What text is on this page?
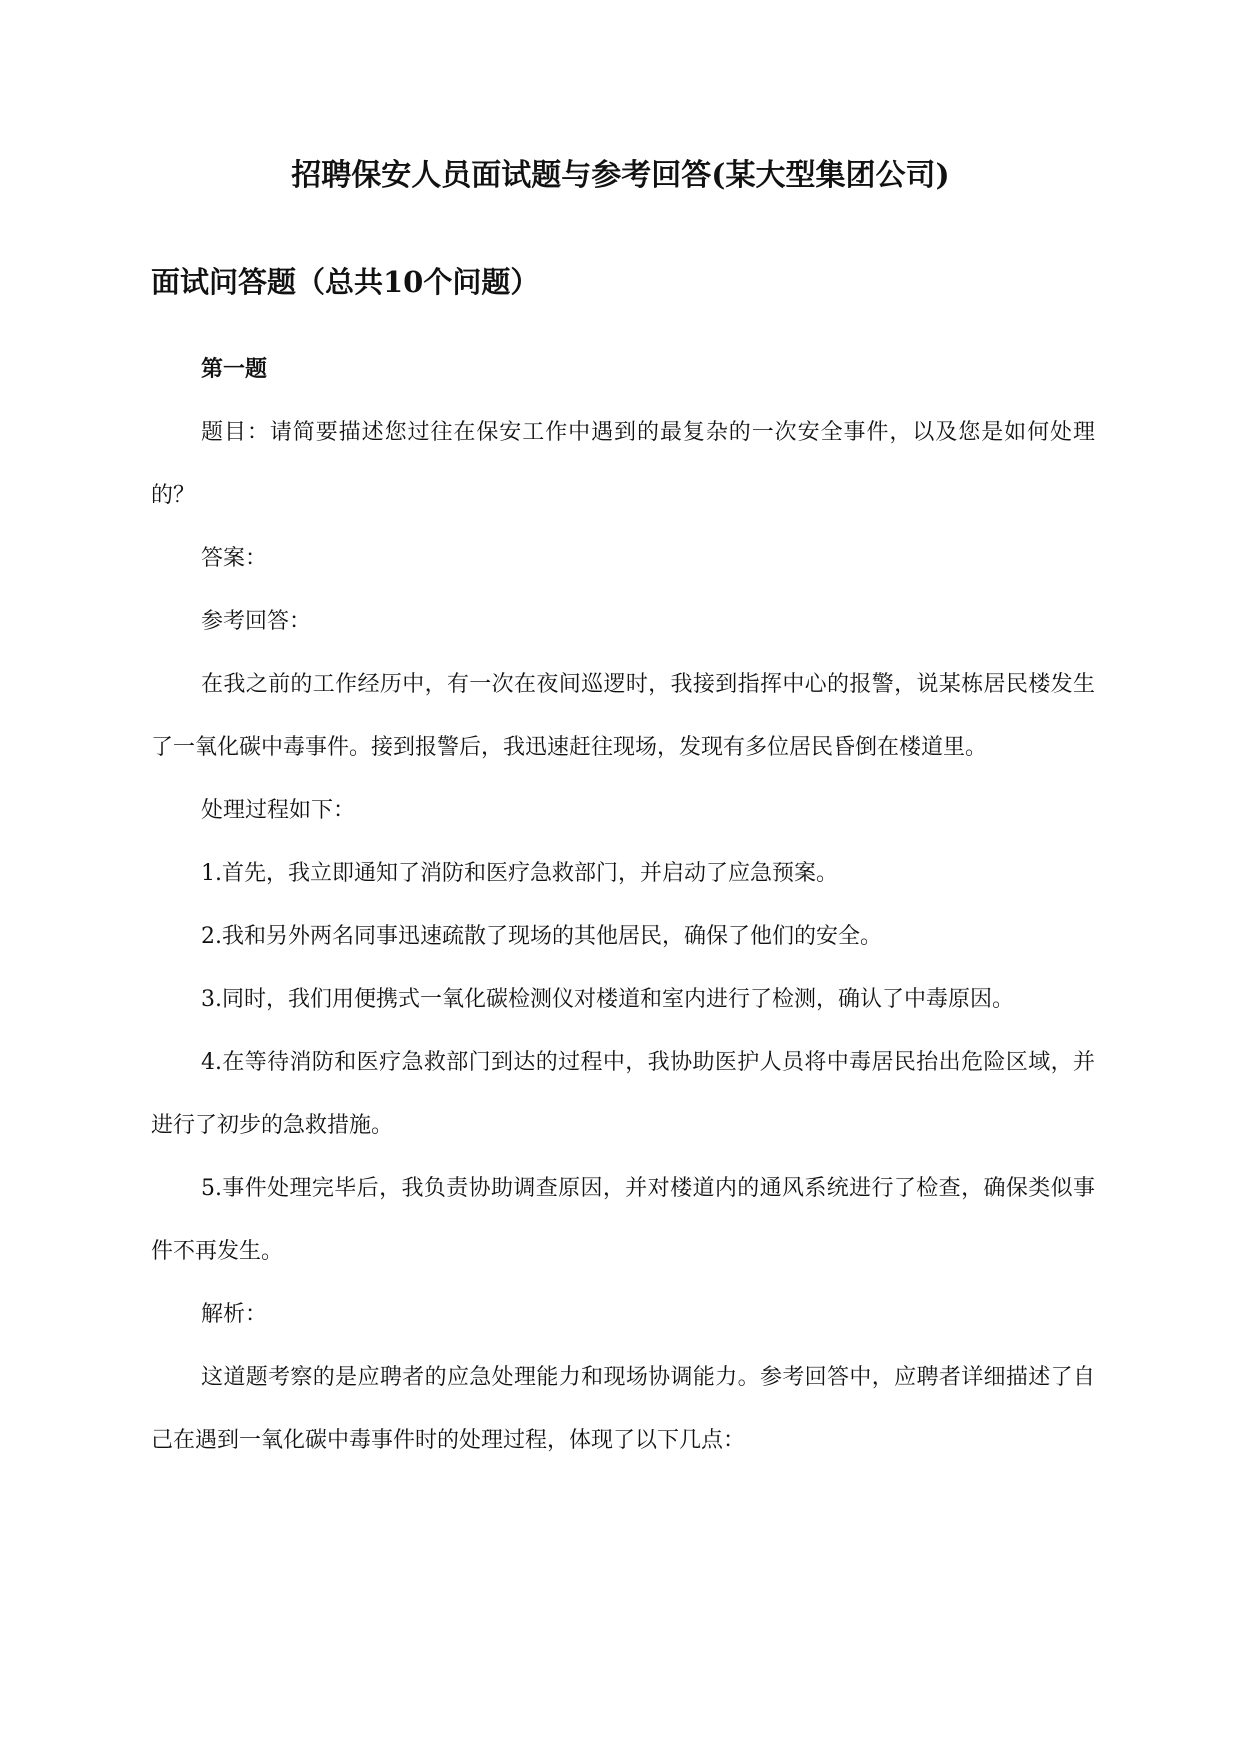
招聘保安人员面试题与参考回答(某大型集团公司)
面试问答题（总共10个问题）

第一题

题目：请简要描述您过往在保安工作中遇到的最复杂的一次安全事件，以及您是如何处理的？

答案：

参考回答：

在我之前的工作经历中，有一次在夜间巡逻时，我接到指挥中心的报警，说某栋居民楼发生了一氧化碳中毒事件。接到报警后，我迅速赶往现场，发现有多位居民昏倒在楼道里。

处理过程如下：

1.首先，我立即通知了消防和医疗急救部门，并启动了应急预案。

2.我和另外两名同事迅速疏散了现场的其他居民，确保了他们的安全。

3.同时，我们用便携式一氧化碳检测仪对楼道和室内进行了检测，确认了中毒原因。

4.在等待消防和医疗急救部门到达的过程中，我协助医护人员将中毒居民抬出危险区域，并进行了初步的急救措施。

5.事件处理完毕后，我负责协助调查原因，并对楼道内的通风系统进行了检查，确保类似事件不再发生。

解析：

这道题考察的是应聘者的应急处理能力和现场协调能力。参考回答中，应聘者详细描述了自己在遇到一氧化碳中毒事件时的处理过程，体现了以下几点：
